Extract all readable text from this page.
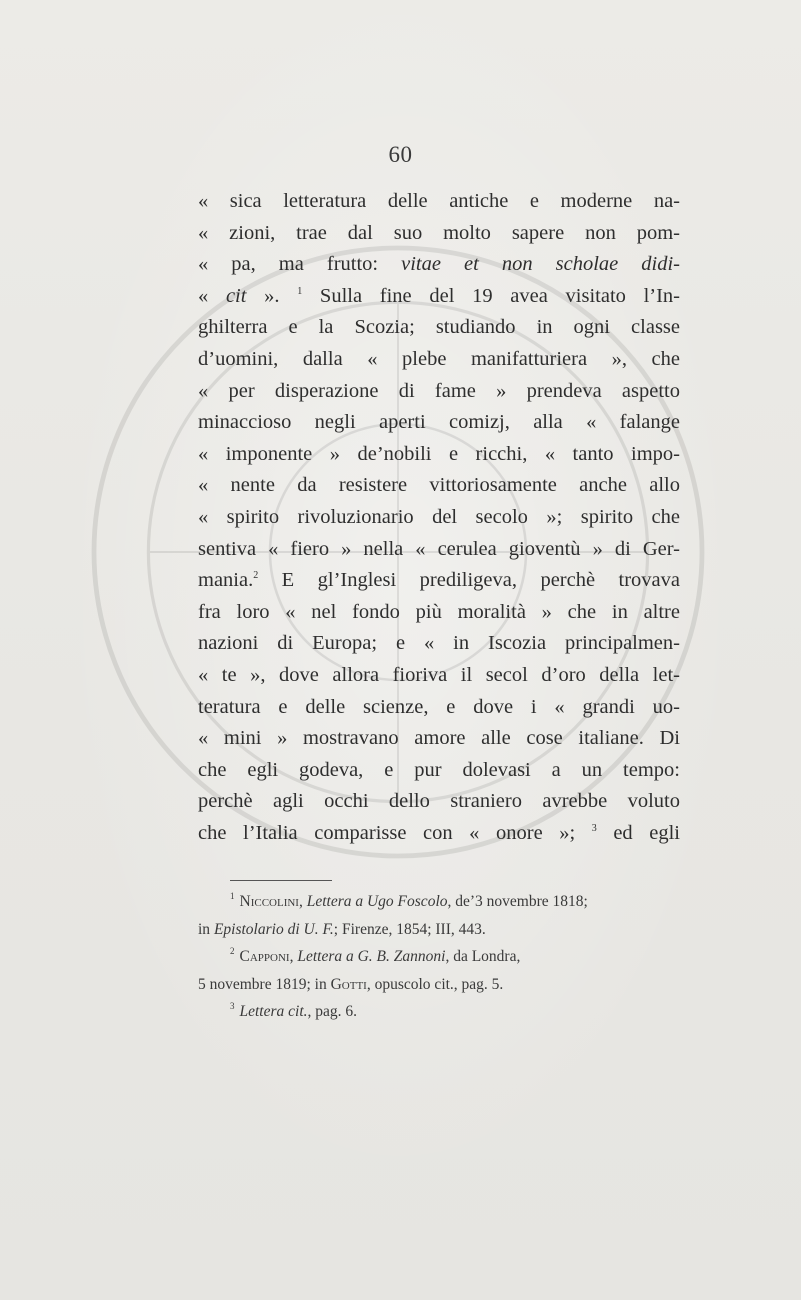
60
« sica letteratura delle antiche e moderne na-
« zioni, trae dal suo molto sapere non pom-
« pa, ma frutto: vitae et non scholae didi-
« cit ». $^1$ Sulla fine del 19 avea visitato l’In-
ghilterra e la Scozia; studiando in ogni classe
d’uomini, dalla « plebe manifatturiera », che
« per disperazione di fame » prendeva aspetto
minaccioso negli aperti comizj, alla « falange
« imponente » de’nobili e ricchi, « tanto impo-
« nente da resistere vittoriosamente anche allo
« spirito rivoluzionario del secolo »; spirito che
sentiva « fiero » nella « cerulea gioventù » di Ger-
mania.$^2$ E gl’Inglesi prediligeva, perchè trovava
fra loro « nel fondo più moralità » che in altre
nazioni di Europa; e « in Iscozia principalmen-
« te », dove allora fioriva il secol d’oro della let-
teratura e delle scienze, e dove i « grandi uo-
« mini » mostravano amore alle cose italiane. Di
che egli godeva, e pur dolevasi a un tempo:
perchè agli occhi dello straniero avrebbe voluto
che l’Italia comparisse con « onore »; $^3$ ed egli
$^1$ Niccolini, Lettera a Ugo Foscolo, de’3 novembre 1818;
in Epistolario di U. F.; Firenze, 1854; III, 443.
$^2$ Capponi, Lettera a G. B. Zannoni, da Londra,
5 novembre 1819; in Gotti, opuscolo cit., pag. 5.
$^3$ Lettera cit., pag. 6.
